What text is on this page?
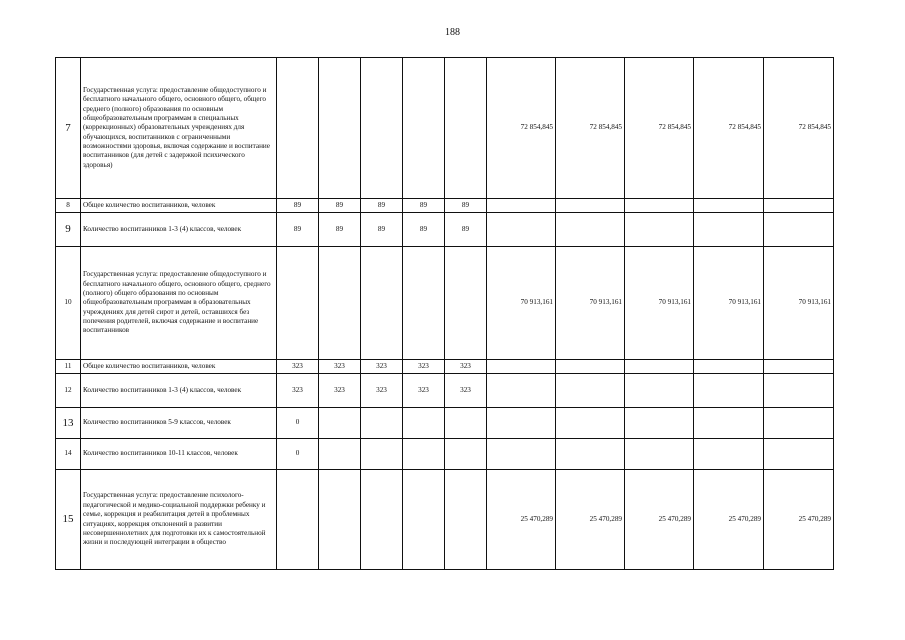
188
7	Государственная услуга: предоставление общедоступного и бесплатного начального общего, основного общего, общего среднего (полного) образования по основным общеобразовательным программам в специальных (коррекционных) образовательных учреждениях для обучающихся, воспитанников с ограниченными возможностями здоровья, включая содержание и воспитание воспитанников (для детей с задержкой психического здоровья)						72 854,845	72 854,845	72 854,845	72 854,845	72 854,845
8	Общее количество воспитанников, человек	89	89	89	89	89					
9	Количество воспитанников 1-3 (4) классов, человек	89	89	89	89	89					
10	Государственная услуга: предоставление общедоступного и бесплатного начального общего, основного общего, среднего (полного) общего образования по основным общеобразовательным программам в образовательных учреждениях для детей сирот и детей, оставшихся без попечения родителей, включая содержание и воспитание воспитанников						70 913,161	70 913,161	70 913,161	70 913,161	70 913,161
11	Общее количество воспитанников, человек	323	323	323	323	323					
12	Количество воспитанников 1-3 (4) классов, человек	323	323	323	323	323					
13	Количество воспитанников 5-9 классов, человек	0									
14	Количество воспитанников 10-11 классов, человек	0									
15	Государственная услуга: предоставление психолого-педагогической и медико-социальной поддержки ребенку и семье, коррекция и реабилитация детей в проблемных ситуациях, коррекция отклонений в развитии несовершеннолетних для подготовки их к самостоятельной жизни и последующей интеграции в общество						25 470,289	25 470,289	25 470,289	25 470,289	25 470,289
